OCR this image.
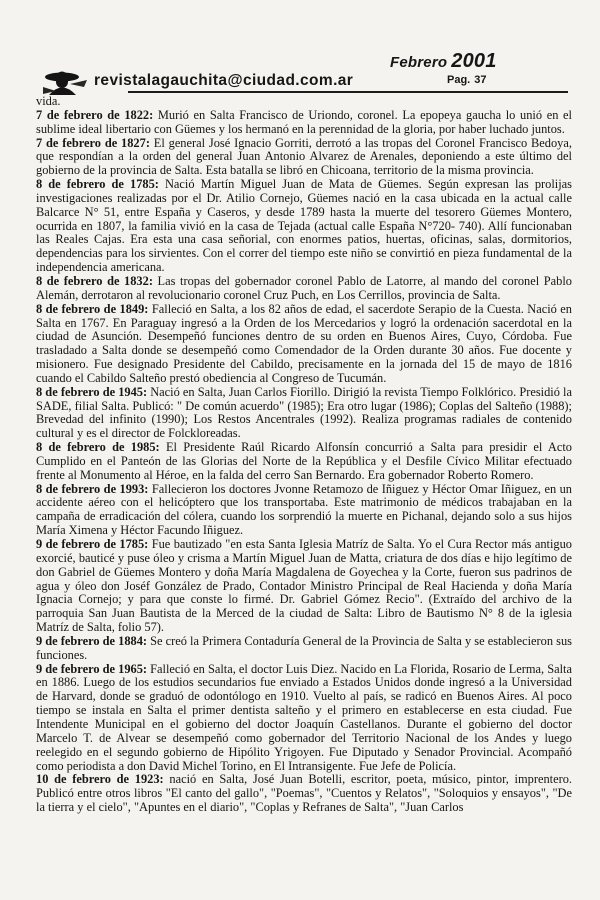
Febrero 2001
revistalagauchita@ciudad.com.ar	Pag. 37

vida.

7 de febrero de 1822: Murió en Salta Francisco de Uriondo, coronel. La epopeya gaucha lo unió en el sublime ideal libertario con Güemes y los hermanó en la perennidad de la gloria, por haber luchado juntos.

7 de febrero de 1827: El general José Ignacio Gorriti, derrotó a las tropas del Coronel Francisco Bedoya, que respondían a la orden del general Juan Antonio Alvarez de Arenales, deponiendo a este último del gobierno de la provincia de Salta. Esta batalla se libró en Chicoana, territorio de la misma provincia.

8 de febrero de 1785: Nació Martín Miguel Juan de Mata de Güemes. Según expresan las prolijas investigaciones realizadas por el Dr. Atilio Cornejo, Güemes nació en la casa ubicada en la actual calle Balcarce N° 51, entre España y Caseros, y desde 1789 hasta la muerte del tesorero Güemes Montero, ocurrida en 1807, la familia vivió en la casa de Tejada (actual calle España N°720- 740). Allí funcionaban las Reales Cajas. Era esta una casa señorial, con enormes patios, huertas, oficinas, salas, dormitorios, dependencias para los sirvientes. Con el correr del tiempo este niño se convirtió en pieza fundamental de la independencia americana.

8 de febrero de 1832: Las tropas del gobernador coronel Pablo de Latorre, al mando del coronel Pablo Alemán, derrotaron al revolucionario coronel Cruz Puch, en Los Cerrillos, provincia de Salta.

8 de febrero de 1849: Falleció en Salta, a los 82 años de edad, el sacerdote Serapio de la Cuesta. Nació en Salta en 1767. En Paraguay ingresó a la Orden de los Mercedarios y logró la ordenación sacerdotal en la ciudad de Asunción. Desempeñó funciones dentro de su orden en Buenos Aires, Cuyo, Córdoba. Fue trasladado a Salta donde se desempeñó como Comendador de la Orden durante 30 años. Fue docente y misionero. Fue designado Presidente del Cabildo, precisamente en la jornada del 15 de mayo de 1816 cuando el Cabildo Salteño prestó obediencia al Congreso de Tucumán.

8 de febrero de 1945: Nació en Salta, Juan Carlos Fiorillo. Dirigió la revista Tiempo Folklórico. Presidió la SADE, filial Salta. Publicó: " De común acuerdo" (1985); Era otro lugar (1986); Coplas del Salteño (1988); Brevedad del infinito (1990); Los Restos Ancentrales (1992). Realiza programas radiales de contenido cultural y es el director de Folckloreadas.

8 de febrero de 1985: El Presidente Raúl Ricardo Alfonsín concurrió a Salta para presidir el Acto Cumplido en el Panteón de las Glorias del Norte de la República y el Desfile Cívico Militar efectuado frente al Monumento al Héroe, en la falda del cerro San Bernardo. Era gobernador Roberto Romero.

8 de febrero de 1993: Fallecieron los doctores Jvonne Retamozo de Iñiguez y Héctor Omar Iñiguez, en un accidente aéreo con el helicóptero que los transportaba. Este matrimonio de médicos trabajaban en la campaña de erradicación del cólera, cuando los sorprendió la muerte en Pichanal, dejando solo a sus hijos María Ximena y Héctor Facundo Iñiguez.

9 de febrero de 1785: Fue bautizado "en esta Santa Iglesia Matríz de Salta. Yo el Cura Rector más antiguo exorcié, bauticé y puse óleo y crisma a Martín Miguel Juan de Matta, criatura de dos días e hijo legítimo de don Gabriel de Güemes Montero y doña María Magdalena de Goyechea y la Corte, fueron sus padrinos de agua y óleo don Joséf González de Prado, Contador Ministro Principal de Real Hacienda y doña María Ignacia Cornejo; y para que conste lo firmé. Dr. Gabriel Gómez Recio". (Extraído del archivo de la parroquia San Juan Bautista de la Merced de la ciudad de Salta: Libro de Bautismo N° 8 de la iglesia Matríz de Salta, folio 57).

9 de febrero de 1884: Se creó la Primera Contaduría General de la Provincia de Salta y se establecieron sus funciones.

9 de febrero de 1965: Falleció en Salta, el doctor Luis Diez. Nacido en La Florida, Rosario de Lerma, Salta en 1886. Luego de los estudios secundarios fue enviado a Estados Unidos donde ingresó a la Universidad de Harvard, donde se graduó de odontólogo en 1910. Vuelto al país, se radicó en Buenos Aires. Al poco tiempo se instala en Salta el primer dentista salteño y el primero en establecerse en esta ciudad. Fue Intendente Municipal en el gobierno del doctor Joaquín Castellanos. Durante el gobierno del doctor Marcelo T. de Alvear se desempeñó como gobernador del Territorio Nacional de los Andes y luego reelegido en el segundo gobierno de Hipólito Yrigoyen. Fue Diputado y Senador Provincial. Acompañó como periodista a don David Michel Torino, en El Intransigente. Fue Jefe de Policía.

10 de febrero de 1923: nació en Salta, José Juan Botelli, escritor, poeta, músico, pintor, imprentero. Publicó entre otros libros "El canto del gallo", "Poemas", "Cuentos y Relatos", "Soloquios y ensayos", "De la tierra y el cielo", "Apuntes en el diario", "Coplas y Refranes de Salta", "Juan Carlos
